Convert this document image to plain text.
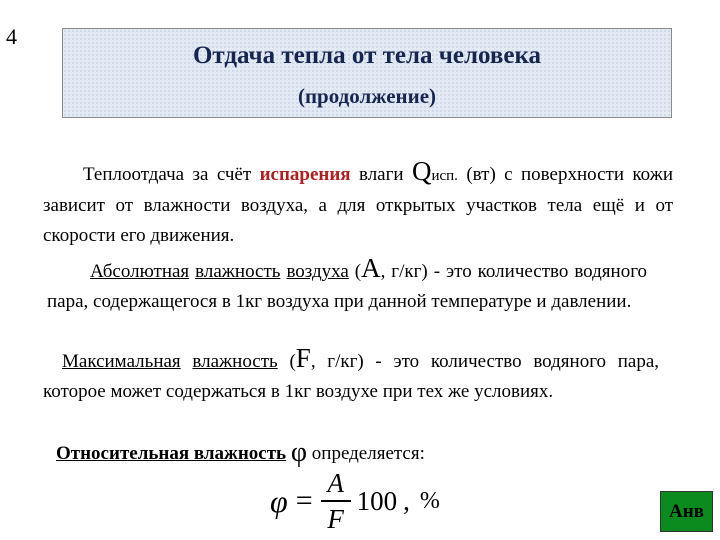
4
Отдача тепла от тела человека
(продолжение)
Теплоотдача за счёт испарения влаги Qисп. (вт) с поверхности кожи зависит от влажности воздуха, а для открытых участков тела ещё и от скорости его движения.
Абсолютная влажность воздуха (A, г/кг) - это количество водяного пара, содержащегося в 1кг воздуха при данной температуре и давлении.
Максимальная влажность (F, г/кг) - это количество водяного пара, которое может содержаться в 1кг воздухе при тех же условиях.
Относительная влажность φ определяется:
$\varphi = \frac{A}{F} 100$ , %	Анв
